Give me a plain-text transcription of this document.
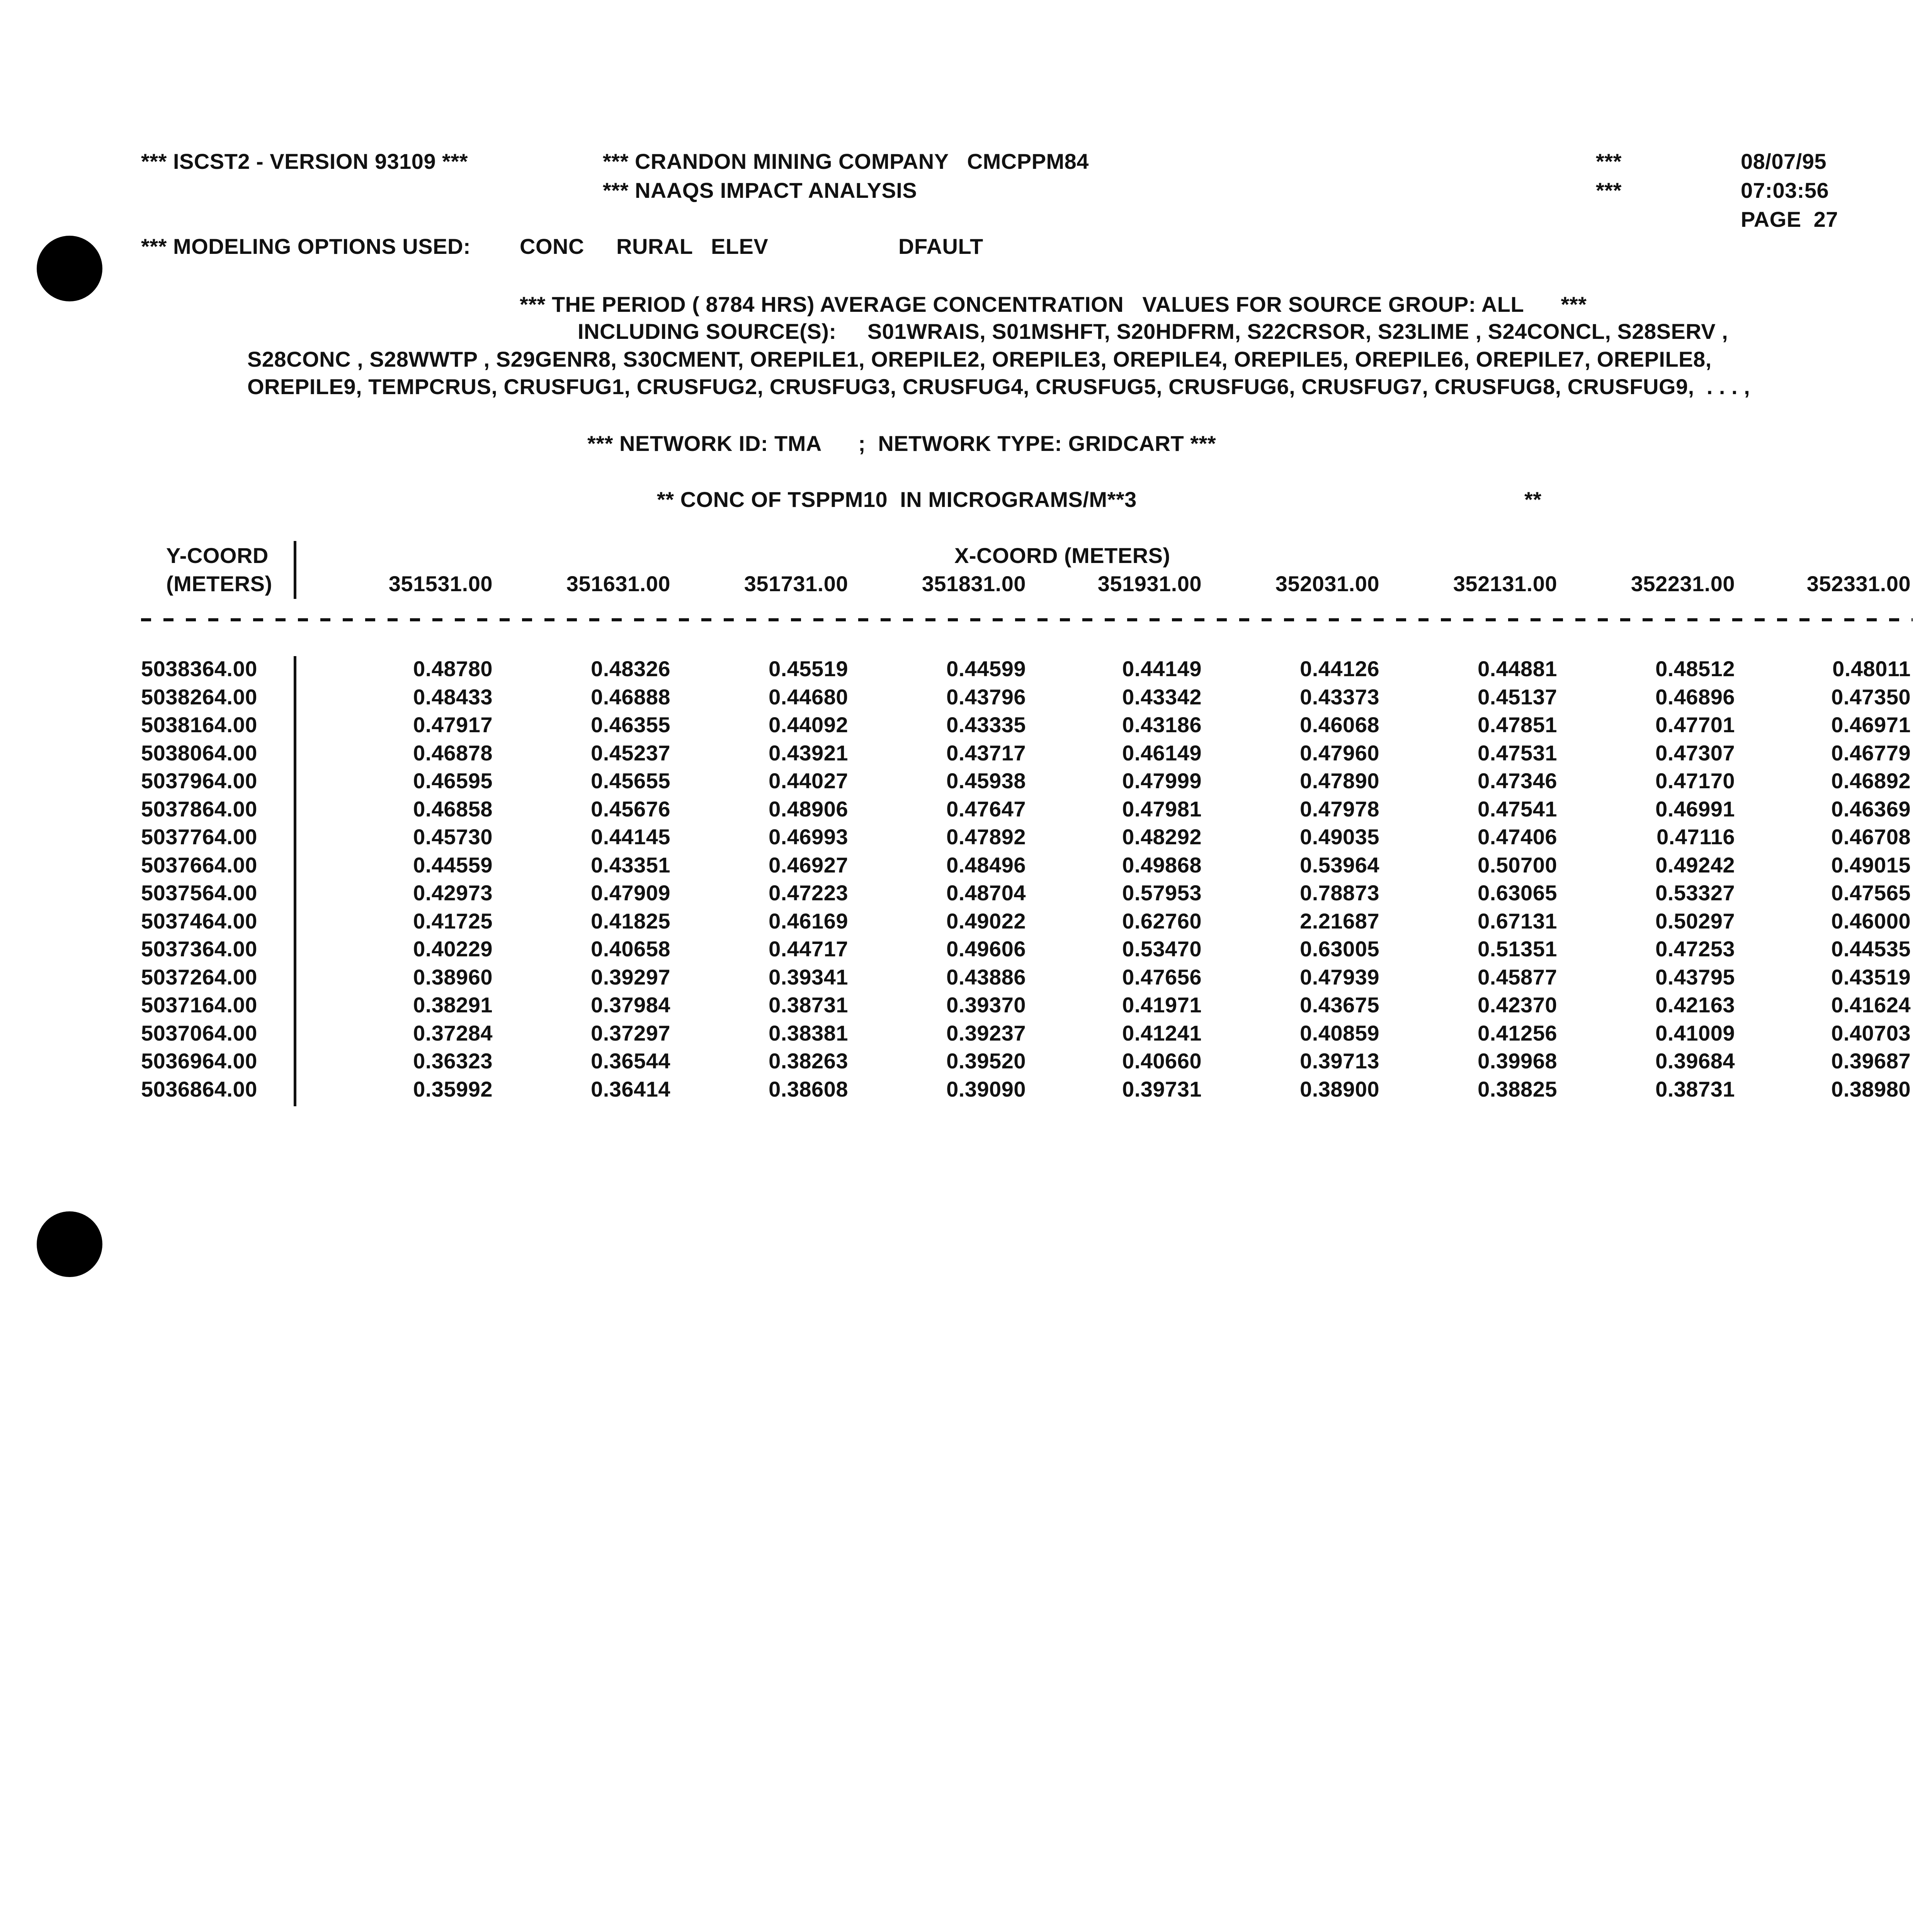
*** ISCST2 - VERSION 93109 ***	*** CRANDON MINING COMPANY   CMCPPM84
*** NAAQS IMPACT ANALYSIS
***
***
08/07/95
07:03:56
PAGE  27
*** MODELING OPTIONS USED: CONC RURAL ELEV	DFAULT
*** THE PERIOD ( 8784 HRS) AVERAGE CONCENTRATION   VALUES FOR SOURCE GROUP: ALL      ***
INCLUDING SOURCE(S):     S01WRAIS, S01MSHFT, S20HDFRM, S22CRSOR, S23LIME , S24CONCL, S28SERV ,
S28CONC , S28WWTP , S29GENR8, S30CMENT, OREPILE1, OREPILE2, OREPILE3, OREPILE4, OREPILE5, OREPILE6, OREPILE7, OREPILE8,
OREPILE9, TEMPCRUS, CRUSFUG1, CRUSFUG2, CRUSFUG3, CRUSFUG4, CRUSFUG5, CRUSFUG6, CRUSFUG7, CRUSFUG8, CRUSFUG9,  . . . ,
*** NETWORK ID: TMA      ;  NETWORK TYPE: GRIDCART ***
** CONC OF TSPPM10  IN MICROGRAMS/M**3	**
Y-COORD
(METERS)
X-COORD (METERS)
351531.00	351631.00	351731.00	351831.00	351931.00	352031.00	352131.00	352231.00	352331.00
5038364.00	0.48780	0.48326	0.45519	0.44599	0.44149	0.44126	0.44881	0.48512	0.48011
5038264.00	0.48433	0.46888	0.44680	0.43796	0.43342	0.43373	0.45137	0.46896	0.47350
5038164.00	0.47917	0.46355	0.44092	0.43335	0.43186	0.46068	0.47851	0.47701	0.46971
5038064.00	0.46878	0.45237	0.43921	0.43717	0.46149	0.47960	0.47531	0.47307	0.46779
5037964.00	0.46595	0.45655	0.44027	0.45938	0.47999	0.47890	0.47346	0.47170	0.46892
5037864.00	0.46858	0.45676	0.48906	0.47647	0.47981	0.47978	0.47541	0.46991	0.46369
5037764.00	0.45730	0.44145	0.46993	0.47892	0.48292	0.49035	0.47406	0.47116	0.46708
5037664.00	0.44559	0.43351	0.46927	0.48496	0.49868	0.53964	0.50700	0.49242	0.49015
5037564.00	0.42973	0.47909	0.47223	0.48704	0.57953	0.78873	0.63065	0.53327	0.47565
5037464.00	0.41725	0.41825	0.46169	0.49022	0.62760	2.21687	0.67131	0.50297	0.46000
5037364.00	0.40229	0.40658	0.44717	0.49606	0.53470	0.63005	0.51351	0.47253	0.44535
5037264.00	0.38960	0.39297	0.39341	0.43886	0.47656	0.47939	0.45877	0.43795	0.43519
5037164.00	0.38291	0.37984	0.38731	0.39370	0.41971	0.43675	0.42370	0.42163	0.41624
5037064.00	0.37284	0.37297	0.38381	0.39237	0.41241	0.40859	0.41256	0.41009	0.40703
5036964.00	0.36323	0.36544	0.38263	0.39520	0.40660	0.39713	0.39968	0.39684	0.39687
5036864.00	0.35992	0.36414	0.38608	0.39090	0.39731	0.38900	0.38825	0.38731	0.38980
